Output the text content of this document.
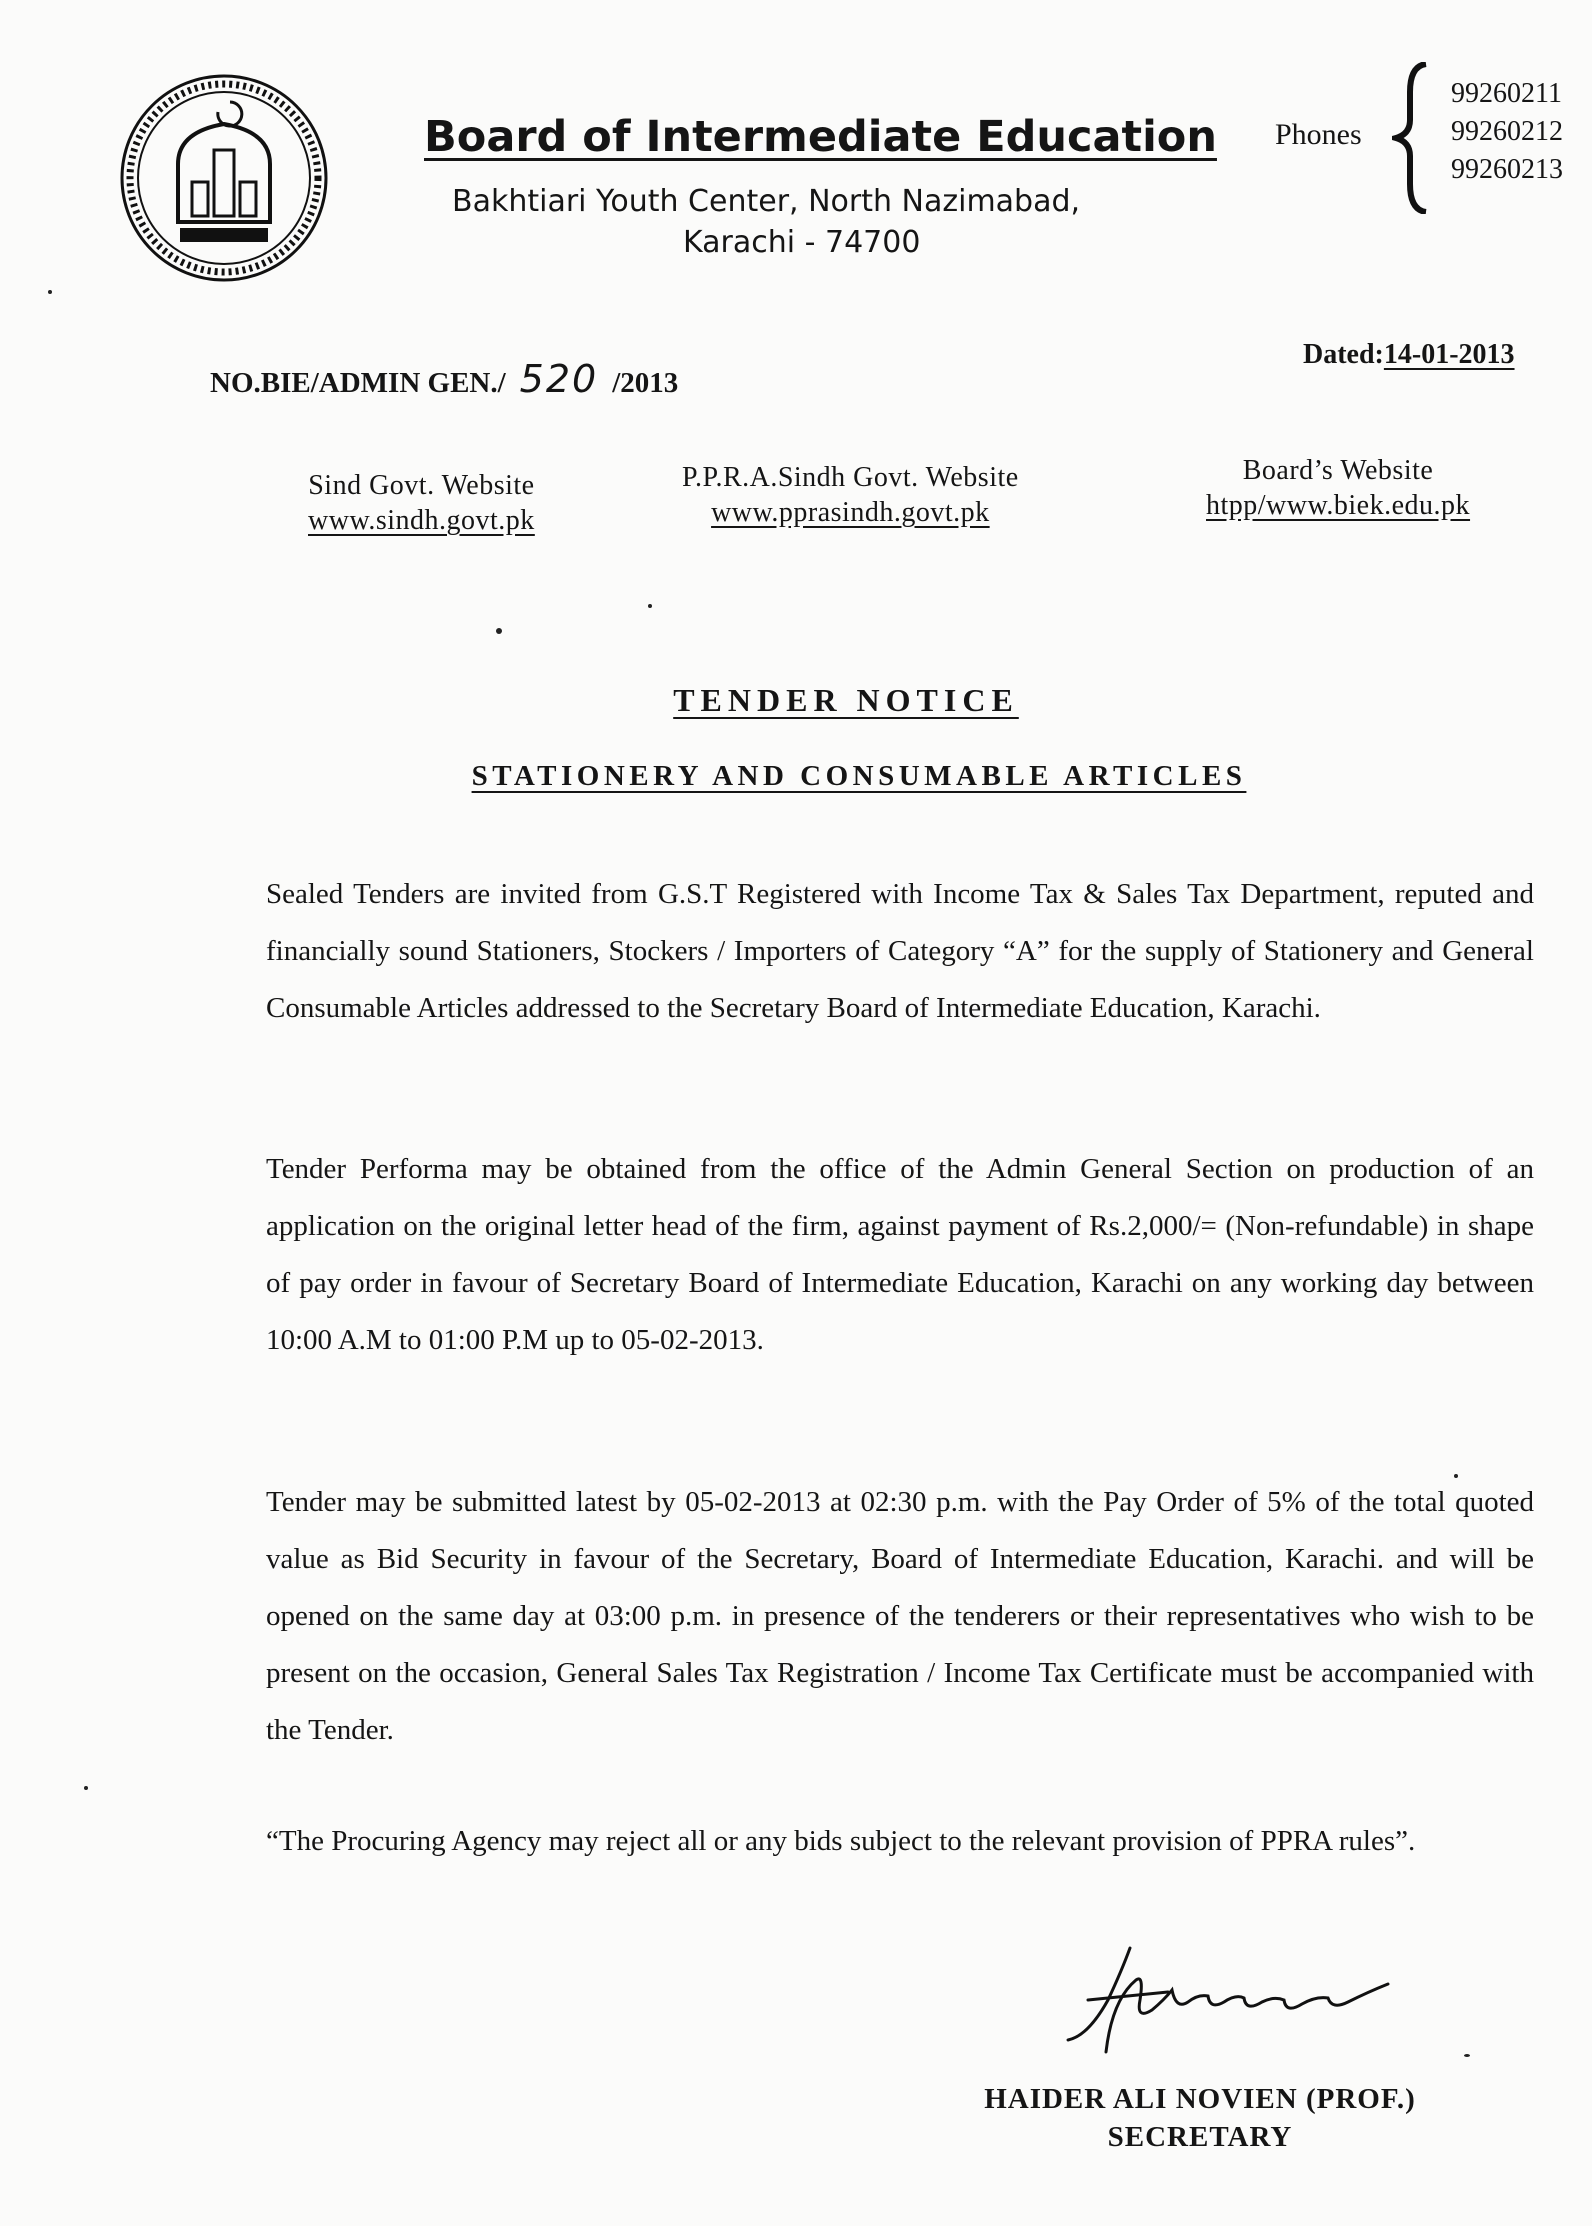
Board of Intermediate Education
Bakhtiari Youth Center, North Nazimabad,
Karachi - 74700
Phones
99260211
99260212
99260213
NO.BIE/ADMIN GEN./ 520 /2013
Dated:14-01-2013
Sind Govt. Website
www.sindh.govt.pk
P.P.R.A.Sindh Govt. Website
www.pprasindh.govt.pk
Board’s Website
htpp/www.biek.edu.pk
TENDER NOTICE
STATIONERY AND CONSUMABLE ARTICLES
Sealed Tenders are invited from G.S.T Registered with Income Tax & Sales Tax Department, reputed and financially sound Stationers, Stockers / Importers of Category “A” for the supply of Stationery and General Consumable Articles addressed to the Secretary Board of Intermediate Education, Karachi.
Tender Performa may be obtained from the office of the Admin General Section on production of an application on the original letter head of the firm, against payment of Rs.2,000/= (Non-refundable) in shape of pay order in favour of Secretary Board of Intermediate Education, Karachi on any working day between 10:00 A.M to 01:00 P.M up to 05-02-2013.
Tender may be submitted latest by 05-02-2013 at 02:30 p.m. with the Pay Order of 5% of the total quoted value as Bid Security in favour of the Secretary, Board of Intermediate Education, Karachi. and will be opened on the same day at 03:00 p.m. in presence of the tenderers or their representatives who wish to be present on the occasion, General Sales Tax Registration / Income Tax Certificate must be accompanied with the Tender.
“The Procuring Agency may reject all or any bids subject to the relevant provision of PPRA rules”.
HAIDER ALI NOVIEN (PROF.)
SECRETARY
